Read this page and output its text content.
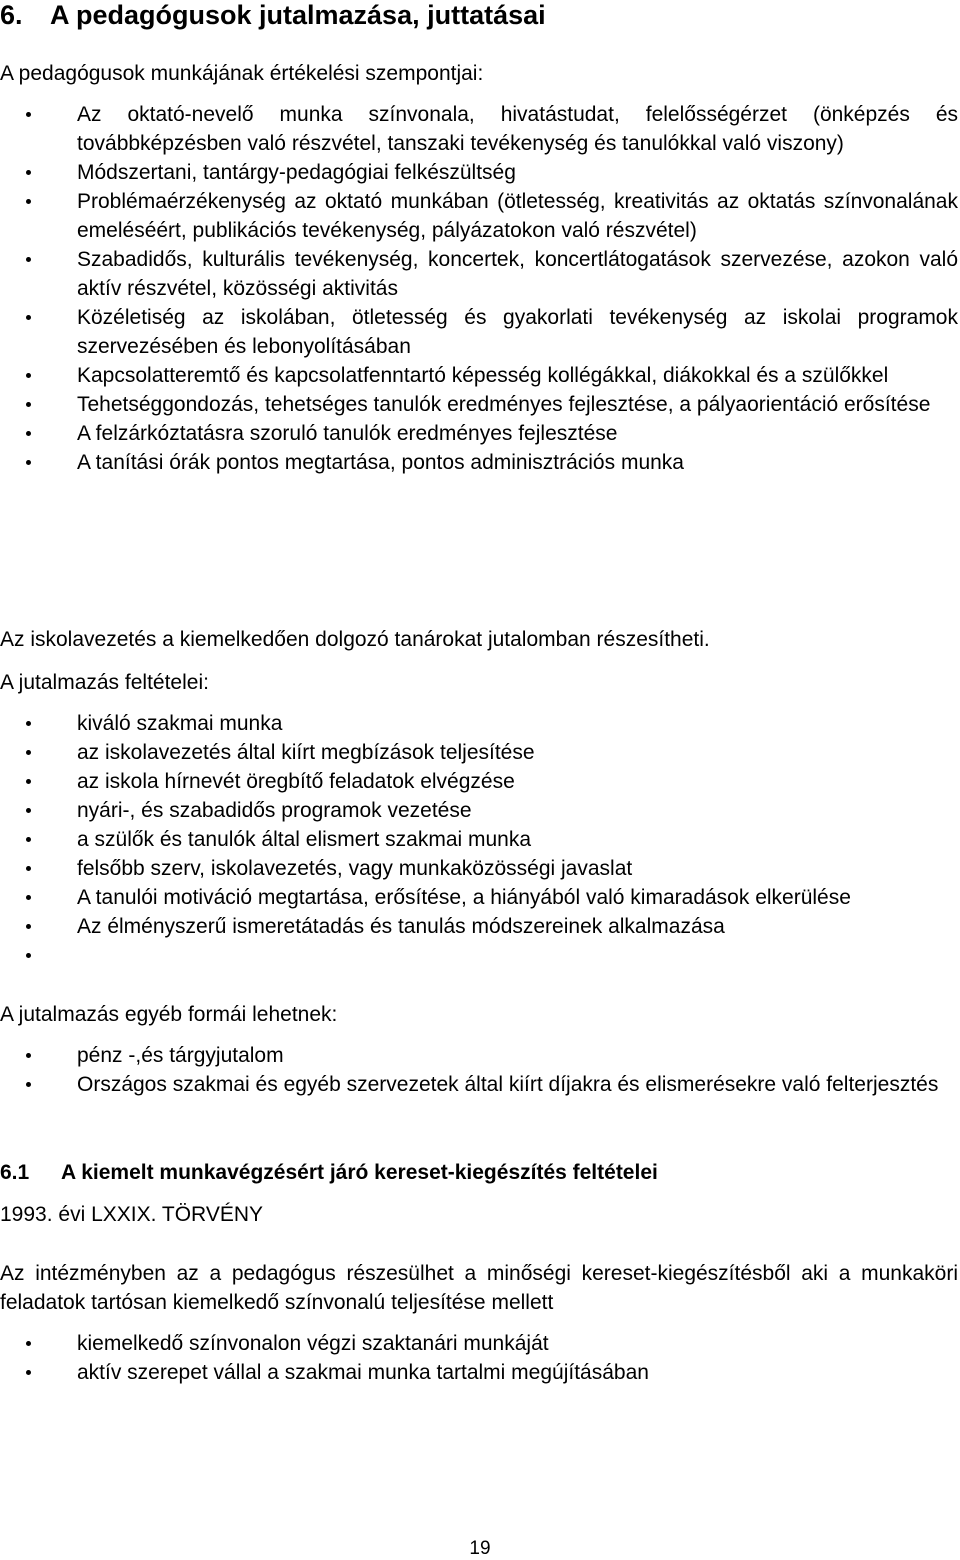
6. A pedagógusok jutalmazása, juttatásai

A pedagógusok munkájának értékelési szempontjai:

Az oktató-nevelő munka színvonala, hivatástudat, felelősségérzet (önképzés és továbbképzésben való részvétel, tanszaki tevékenység és tanulókkal való viszony)
Módszertani, tantárgy-pedagógiai felkészültség
Problémaérzékenység az oktató munkában (ötletesség, kreativitás az oktatás színvonalának emeléséért, publikációs tevékenység, pályázatokon való részvétel)
Szabadidős, kulturális tevékenység, koncertek, koncertlátogatások szervezése, azokon való aktív részvétel, közösségi aktivitás
Közéletiség az iskolában, ötletesség és gyakorlati tevékenység az iskolai programok szervezésében és lebonyolításában
Kapcsolatteremtő és kapcsolatfenntartó képesség kollégákkal, diákokkal és a szülőkkel
Tehetséggondozás, tehetséges tanulók eredményes fejlesztése, a pályaorientáció erősítése
A felzárkóztatásra szoruló tanulók eredményes fejlesztése
A tanítási órák pontos megtartása, pontos adminisztrációs munka

Az iskolavezetés a kiemelkedően dolgozó tanárokat jutalomban részesítheti.

A jutalmazás feltételei:

kiváló szakmai munka
az iskolavezetés által kiírt megbízások teljesítése
az iskola hírnevét öregbítő feladatok elvégzése
nyári-, és szabadidős programok vezetése
a szülők és tanulók által elismert szakmai munka
felsőbb szerv, iskolavezetés, vagy munkaközösségi javaslat
A tanulói motiváció megtartása, erősítése, a hiányából való kimaradások elkerülése
Az élményszerű ismeretátadás és tanulás módszereinek alkalmazása

A jutalmazás egyéb formái lehetnek:

pénz -,és tárgyjutalom
Országos szakmai és egyéb szervezetek által kiírt díjakra és elismerésekre való felterjesztés
6.1 A kiemelt munkavégzésért járó kereset-kiegészítés feltételei

1993. évi LXXIX. TÖRVÉNY

Az intézményben az a pedagógus részesülhet a minőségi kereset-kiegészítésből aki a munkaköri feladatok tartósan kiemelkedő színvonalú teljesítése mellett

kiemelkedő színvonalon végzi szaktanári munkáját
aktív szerepet vállal a szakmai munka tartalmi megújításában
19
